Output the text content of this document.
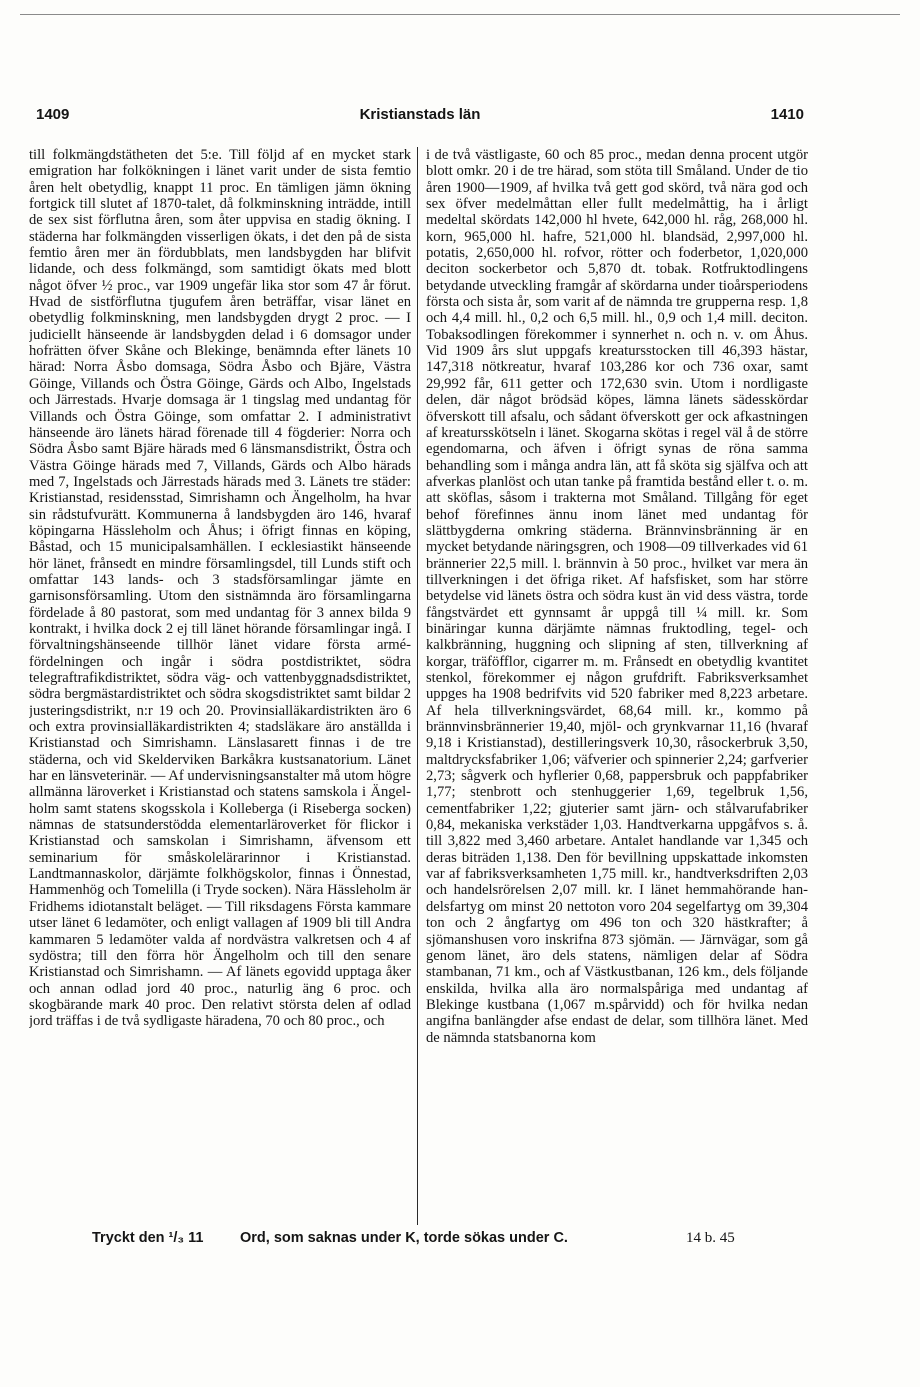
1409	Kristianstads län	1410

till folkmängdstätheten det 5:e. Till följd af en mycket stark emigration har folkökningen i länet varit under de sista femtio åren helt obetydlig, knappt 11 proc. En tämligen jämn ökning fortgick till slutet af 1870-talet, då folkminskning inträdde, intill de sex sist förflutna åren, som åter uppvisa en stadig ökning. I städerna har folkmängden visserligen ökats, i det den på de sista femtio åren mer än fördubblats, men landsbygden har blifvit lidande, och dess folkmängd, som samtidigt ökats med blott något öfver ½ proc., var 1909 ungefär lika stor som 47 år förut. Hvad de sistförflutna tjugufem åren beträffar, visar länet en obetydlig folkminskning, men landsbygden drygt 2 proc. — I judiciellt hänseende är landsbygden delad i 6 domsagor under hofrätten öfver Skåne och Blekinge, benämnda efter länets 10 härad: Norra Åsbo domsaga, Södra Åsbo och Bjäre, Västra Göinge, Villands och Östra Göinge, Gärds och Albo, Ingelstads och Järrestads. Hvarje domsaga är 1 tingslag med undantag för Villands och Östra Göinge, som omfattar 2. I administrativt hänseende äro länets härad förenade till 4 fögderier: Norra och Södra Åsbo samt Bjäre härads med 6 länsmansdistrikt, Östra och Västra Göinge härads med 7, Villands, Gärds och Albo härads med 7, Ingelstads och Järrestads härads med 3. Länets tre städer: Kristianstad, residensstad, Simrishamn och Ängelholm, ha hvar sin rådstufvurätt. Kommunerna å landsbygden äro 146, hvaraf köpingarna Hässleholm och Åhus; i öfrigt finnas en köping, Båstad, och 15 municipalsamhällen. I ecklesiastikt hänseende hör länet, frånsedt en mindre församlingsdel, till Lunds stift och omfattar 143 lands- och 3 stadsförsamlingar jämte en garnisonsförsamling. Utom den sistnämnda äro församlingarna fördelade å 80 pastorat, som med undantag för 3 annex bilda 9 kontrakt, i hvilka dock 2 ej till länet hörande församlingar ingå. I förvaltningshänseende tillhör länet vidare första arméfördelningen och ingår i södra postdistriktet, södra telegraftrafikdistriktet, södra väg- och vattenbyggnadsdistriktet, södra bergmästardistriktet och södra skogsdistriktet samt bildar 2 justeringsdistrikt, n:r 19 och 20. Provinsialläkardistrikten äro 6 och extra provinsialläkardistrikten 4; stadsläkare äro anställda i Kristianstad och Simrishamn. Länslasarett finnas i de tre städerna, och vid Skelderviken Barkåkra kustsanatorium. Länet har en länsveterinär. — Af undervisningsanstalter må utom högre allmänna läroverket i Kristianstad och statens samskola i Ängelholm samt statens skogsskola i Kolleberga (i Riseberga socken) nämnas de statsunderstödda elementarläroverket för flickor i Kristianstad och samskolan i Simrishamn, äfvensom ett seminarium för småskolelärarinnor i Kristianstad. Landtmannaskolor, därjämte folkhögskolor, finnas i Önnestad, Hammenhög och Tomelilla (i Tryde socken). Nära Hässleholm är Fridhems idiotanstalt beläget. — Till riksdagens Första kammare utser länet 6 ledamöter, och enligt vallagen af 1909 bli till Andra kammaren 5 ledamöter valda af nordvästra valkretsen och 4 af sydöstra; till den förra hör Ängelholm och till den senare Kristianstad och Simrishamn. — Af länets egovidd upptaga åker och annan odlad jord 40 proc., naturlig äng 6 proc. och skogbärande mark 40 proc. Den relativt största delen af odlad jord träffas i de två sydligaste häradena, 70 och 80 proc., och

i de två västligaste, 60 och 85 proc., medan denna procent utgör blott omkr. 20 i de tre härad, som stöta till Småland. Under de tio åren 1900—1909, af hvilka två gett god skörd, två nära god och sex öfver medelmåttan eller fullt medelmåttig, ha i årligt medeltal skördats 142,000 hl hvete, 642,000 hl. råg, 268,000 hl. korn, 965,000 hl. hafre, 521,000 hl. blandsäd, 2,997,000 hl. potatis, 2,650,000 hl. rofvor, rötter och foderbetor, 1,020,000 deciton sockerbetor och 5,870 dt. tobak. Rotfruktodlingens betydande utveckling framgår af skördarna under tioårsperiodens första och sista år, som varit af de nämnda tre grupperna resp. 1,8 och 4,4 mill. hl., 0,2 och 6,5 mill. hl., 0,9 och 1,4 mill. deciton. Tobaksodlingen förekommer i synnerhet n. och n. v. om Åhus. Vid 1909 års slut uppgafs kreatursstocken till 46,393 hästar, 147,318 nötkreatur, hvaraf 103,286 kor och 736 oxar, samt 29,992 får, 611 getter och 172,630 svin. Utom i nordligaste delen, där något brödsäd köpes, lämna länets sädesskördar öfverskott till afsalu, och sådant öfverskott ger ock afkastningen af kreatursskötseln i länet. Skogarna skötas i regel väl å de större egendomarna, och äfven i öfrigt synas de röna samma behandling som i många andra län, att få sköta sig själfva och att afverkas planlöst och utan tanke på framtida bestånd eller t. o. m. att sköflas, såsom i trakterna mot Småland. Tillgång för eget behof förefinnes ännu inom länet med undantag för slättbygderna omkring städerna. Brännvinsbränning är en mycket betydande näringsgren, och 1908—09 tillverkades vid 61 brännerier 22,5 mill. l. brännvin à 50 proc., hvilket var mera än tillverkningen i det öfriga riket. Af hafsfisket, som har större betydelse vid länets östra och södra kust än vid dess västra, torde fångstvärdet ett gynnsamt år uppgå till ¼ mill. kr. Som binäringar kunna därjämte nämnas fruktodling, tegel- och kalkbränning, huggning och slipning af sten, tillverkning af korgar, träföfflor, cigarrer m. m. Frånsedt en obetydlig kvantitet stenkol, förekommer ej någon grufdrift. Fabriksverksamhet uppges ha 1908 bedrifvits vid 520 fabriker med 8,223 arbetare. Af hela tillverkningsvärdet, 68,64 mill. kr., kommo på brännvinsbrännerier 19,40, mjöl- och grynkvarnar 11,16 (hvaraf 9,18 i Kristianstad), destilleringsverk 10,30, råsockerbruk 3,50, maltdrycksfabriker 1,06; väfverier och spinnerier 2,24; garfverier 2,73; sågverk och hyflerier 0,68, pappersbruk och pappfabriker 1,77; stenbrott och stenhuggerier 1,69, tegelbruk 1,56, cementfabriker 1,22; gjuterier samt järn- och stålvarufabriker 0,84, mekaniska verkstäder 1,03. Handtverkarna uppgåfvos s. å. till 3,822 med 3,460 arbetare. Antalet handlande var 1,345 och deras biträden 1,138. Den för bevillning uppskattade inkomsten var af fabriksverksamheten 1,75 mill. kr., handtverksdriften 2,03 och handelsrörelsen 2,07 mill. kr. I länet hemmahörande handelsfartyg om minst 20 nettoton voro 204 segelfartyg om 39,304 ton och 2 ångfartyg om 496 ton och 320 hästkrafter; å sjömanshusen voro inskrifna 873 sjömän. — Järnvägar, som gå genom länet, äro dels statens, nämligen delar af Södra stambanan, 71 km., och af Västkustbanan, 126 km., dels följande enskilda, hvilka alla äro normalspåriga med undantag af Blekinge kustbana (1,067 m.spårvidd) och för hvilka nedan angifna banlängder afse endast de delar, som tillhöra länet. Med de nämnda statsbanorna kom

Tryckt den ¹/₃ 11	Ord, som saknas under K, torde sökas under C.	14 b. 45
